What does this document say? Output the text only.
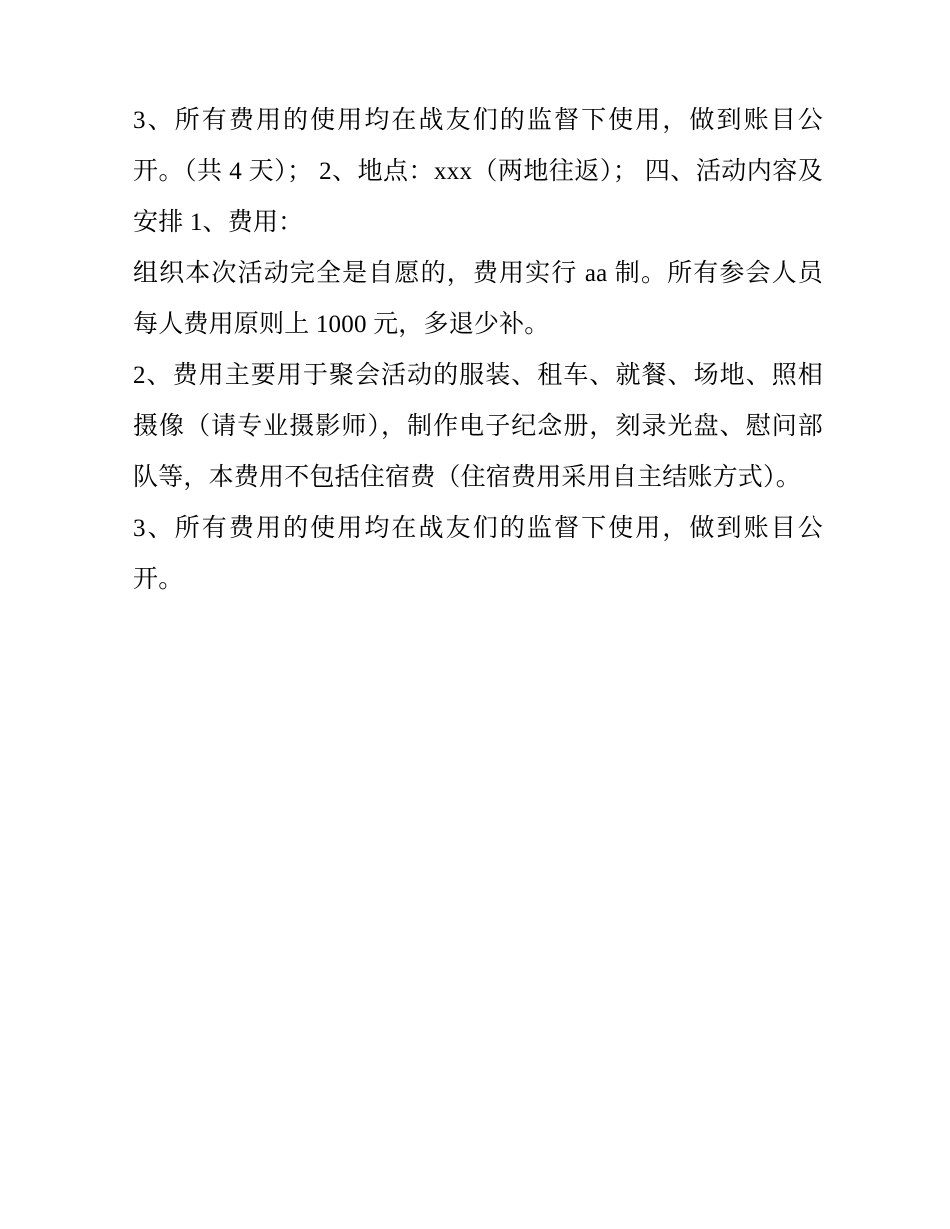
3、所有费用的使用均在战友们的监督下使用，做到账目公开。（共 4 天）； 2、地点：xxx（两地往返）； 四、活动内容及安排 1、费用：

组织本次活动完全是自愿的，费用实行 aa 制。所有参会人员每人费用原则上 1000 元，多退少补。

2、费用主要用于聚会活动的服装、租车、就餐、场地、照相摄像（请专业摄影师），制作电子纪念册，刻录光盘、慰问部队等，本费用不包括住宿费（住宿费用采用自主结账方式）。

3、所有费用的使用均在战友们的监督下使用，做到账目公开。
